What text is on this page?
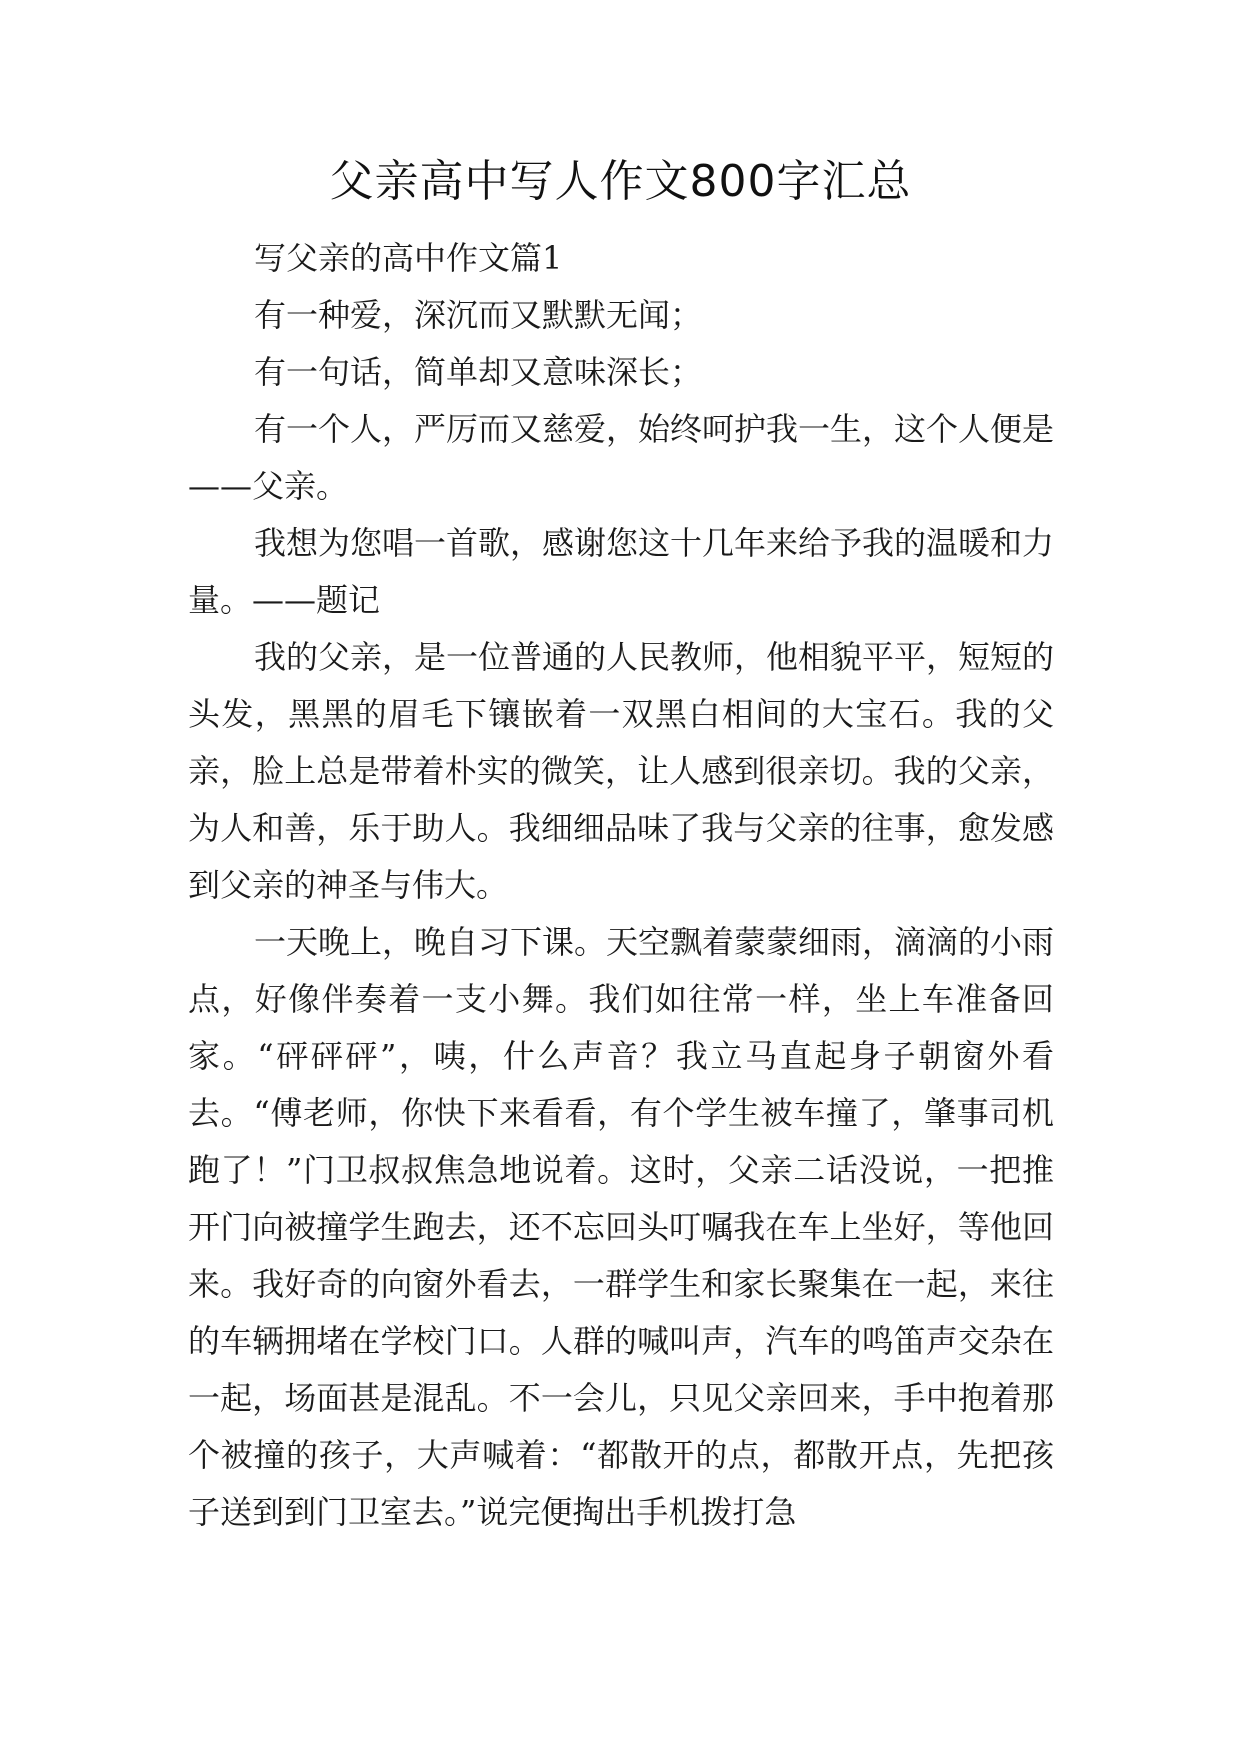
父亲高中写人作文800字汇总

写父亲的高中作文篇1

有一种爱，深沉而又默默无闻；

有一句话，简单却又意味深长；

有一个人，严厉而又慈爱，始终呵护我一生，这个人便是——父亲。

我想为您唱一首歌，感谢您这十几年来给予我的温暖和力量。——题记

我的父亲，是一位普通的人民教师，他相貌平平，短短的头发，黑黑的眉毛下镶嵌着一双黑白相间的大宝石。我的父亲，脸上总是带着朴实的微笑，让人感到很亲切。我的父亲，为人和善，乐于助人。我细细品味了我与父亲的往事，愈发感到父亲的神圣与伟大。

一天晚上，晚自习下课。天空飘着蒙蒙细雨，滴滴的小雨点，好像伴奏着一支小舞。我们如往常一样，坐上车准备回家。“砰砰砰”，咦，什么声音？我立马直起身子朝窗外看去。“傅老师，你快下来看看，有个学生被车撞了，肇事司机跑了！”门卫叔叔焦急地说着。这时，父亲二话没说，一把推开门向被撞学生跑去，还不忘回头叮嘱我在车上坐好，等他回来。我好奇的向窗外看去，一群学生和家长聚集在一起，来往的车辆拥堵在学校门口。人群的喊叫声，汽车的鸣笛声交杂在一起，场面甚是混乱。不一会儿，只见父亲回来，手中抱着那个被撞的孩子，大声喊着：“都散开的点，都散开点，先把孩子送到到门卫室去。”说完便掏出手机拨打急
